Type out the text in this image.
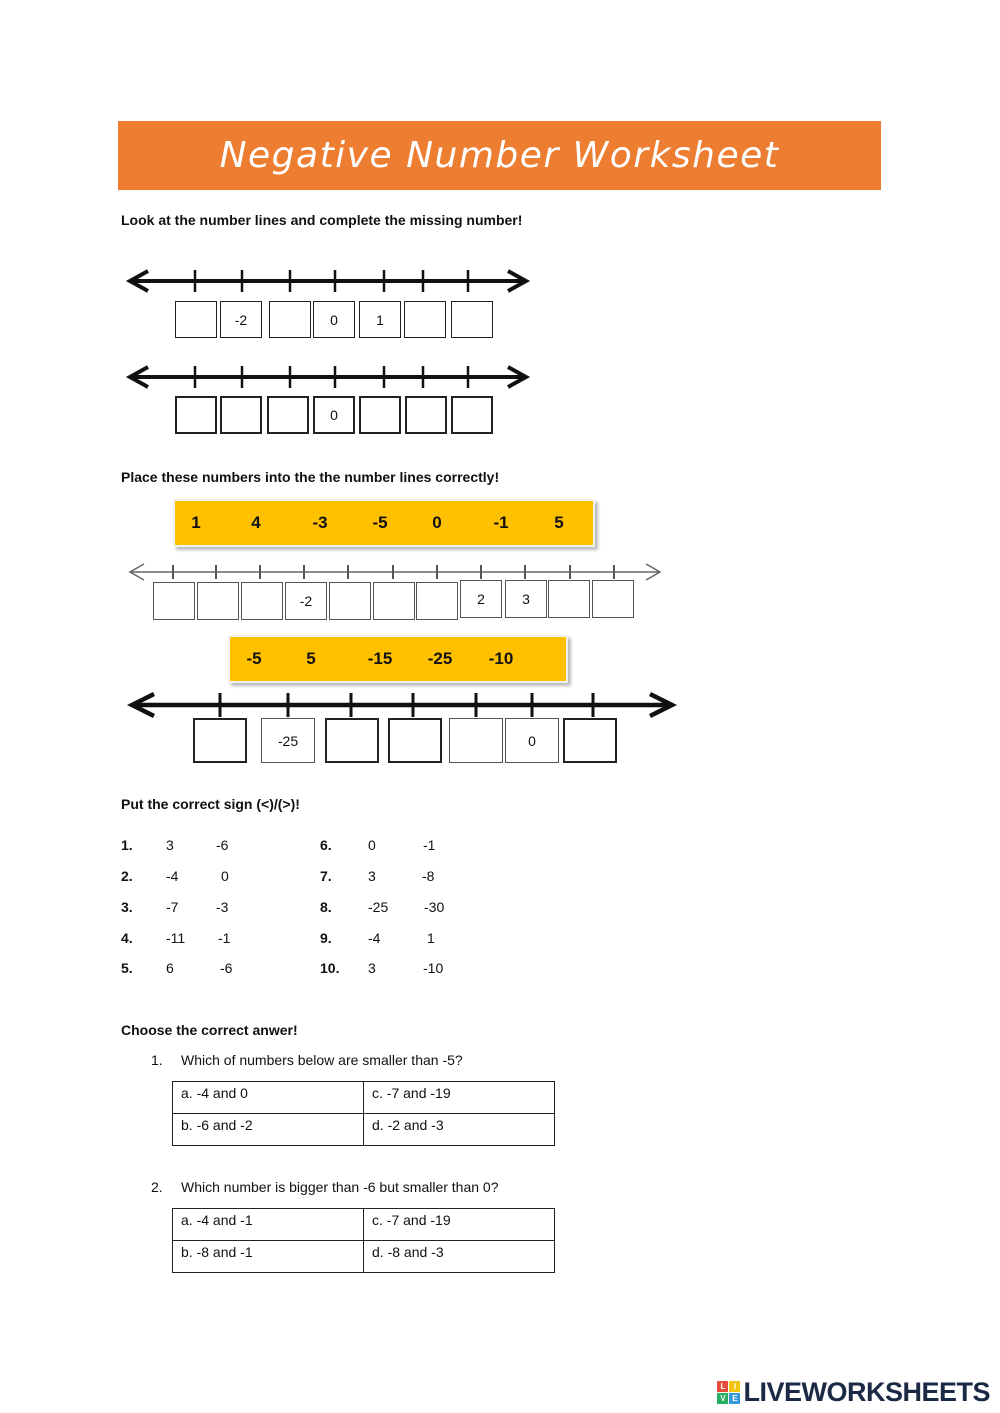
Negative Number Worksheet
Look at the number lines and complete the missing number!
-2	0	1
0
Place these numbers into the the number lines correctly!
1	4	-3	-5	0	-1	5
-2	2	3
-5	5	-15 -25 -10
-25	0
Put the correct sign (<)/(>)!
1. 3	-6
2. -4	0
3. -7	-3
4. -11 -1
5. 6	-6
6.	0	-1
7.	3	-8
8.	-25	-30
9.	-4	1
10. 3	-10
Choose the correct anwer!
1. Which of numbers below are smaller than -5?
a. -4 and 0	c. -7 and -19
b. -6 and -2	d. -2 and -3
2. Which number is bigger than -6 but smaller than 0?
a. -4 and -1	c. -7 and -19
b. -8 and -1	d. -8 and -3
L	I
V E LIVEWORKSHEETS
